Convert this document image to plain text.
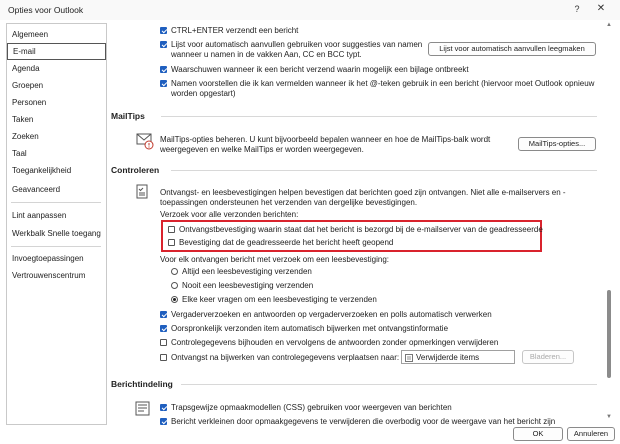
Opties voor Outlook	? ✕
Algemeen
E-mail
Agenda
Groepen
Personen
Taken
Zoeken
Taal
Toegankelijkheid
Geavanceerd
Lint aanpassen
Werkbalk Snelle toegang
Invoegtoepassingen
Vertrouwenscentrum
CTRL+ENTER verzendt een bericht
Lijst voor automatisch aanvullen gebruiken voor suggesties van namen
wanneer u namen in de vakken Aan, CC en BCC typt.
Lijst voor automatisch aanvullen leegmaken
Waarschuwen wanneer ik een bericht verzend waarin mogelijk een bijlage ontbreekt
Namen voorstellen die ik kan vermelden wanneer ik het @-teken gebruik in een bericht (hiervoor moet Outlook opnieuw
worden opgestart)
MailTips
MailTips-opties beheren. U kunt bijvoorbeeld bepalen wanneer en hoe de MailTips-balk wordt
weergegeven en welke MailTips er worden weergegeven.
MailTips-opties...
Controleren
Ontvangst- en leesbevestigingen helpen bevestigen dat berichten goed zijn ontvangen. Niet alle e-mailservers en -
toepassingen ondersteunen het verzenden van dergelijke bevestigingen.
Verzoek voor alle verzonden berichten:
Ontvangstbevestiging waarin staat dat het bericht is bezorgd bij de e-mailserver van de geadresseerde
Bevestiging dat de geadresseerde het bericht heeft geopend
Voor elk ontvangen bericht met verzoek om een leesbevestiging:
Altijd een leesbevestiging verzenden
Nooit een leesbevestiging verzenden
Elke keer vragen om een leesbevestiging te verzenden
Vergaderverzoeken en antwoorden op vergaderverzoeken en polls automatisch verwerken
Oorspronkelijk verzonden item automatisch bijwerken met ontvangstinformatie
Controlegegevens bijhouden en vervolgens de antwoorden zonder opmerkingen verwijderen
Ontvangst na bijwerken van controlegegevens verplaatsen naar: Verwijderde items	Bladeren...
Berichtindeling
Trapsgewijze opmaakmodellen (CSS) gebruiken voor weergeven van berichten
Bericht verkleinen door opmaakgegevens te verwijderen die overbodig voor de weergave van het bericht zijn
▲
▼
OK	Annuleren
